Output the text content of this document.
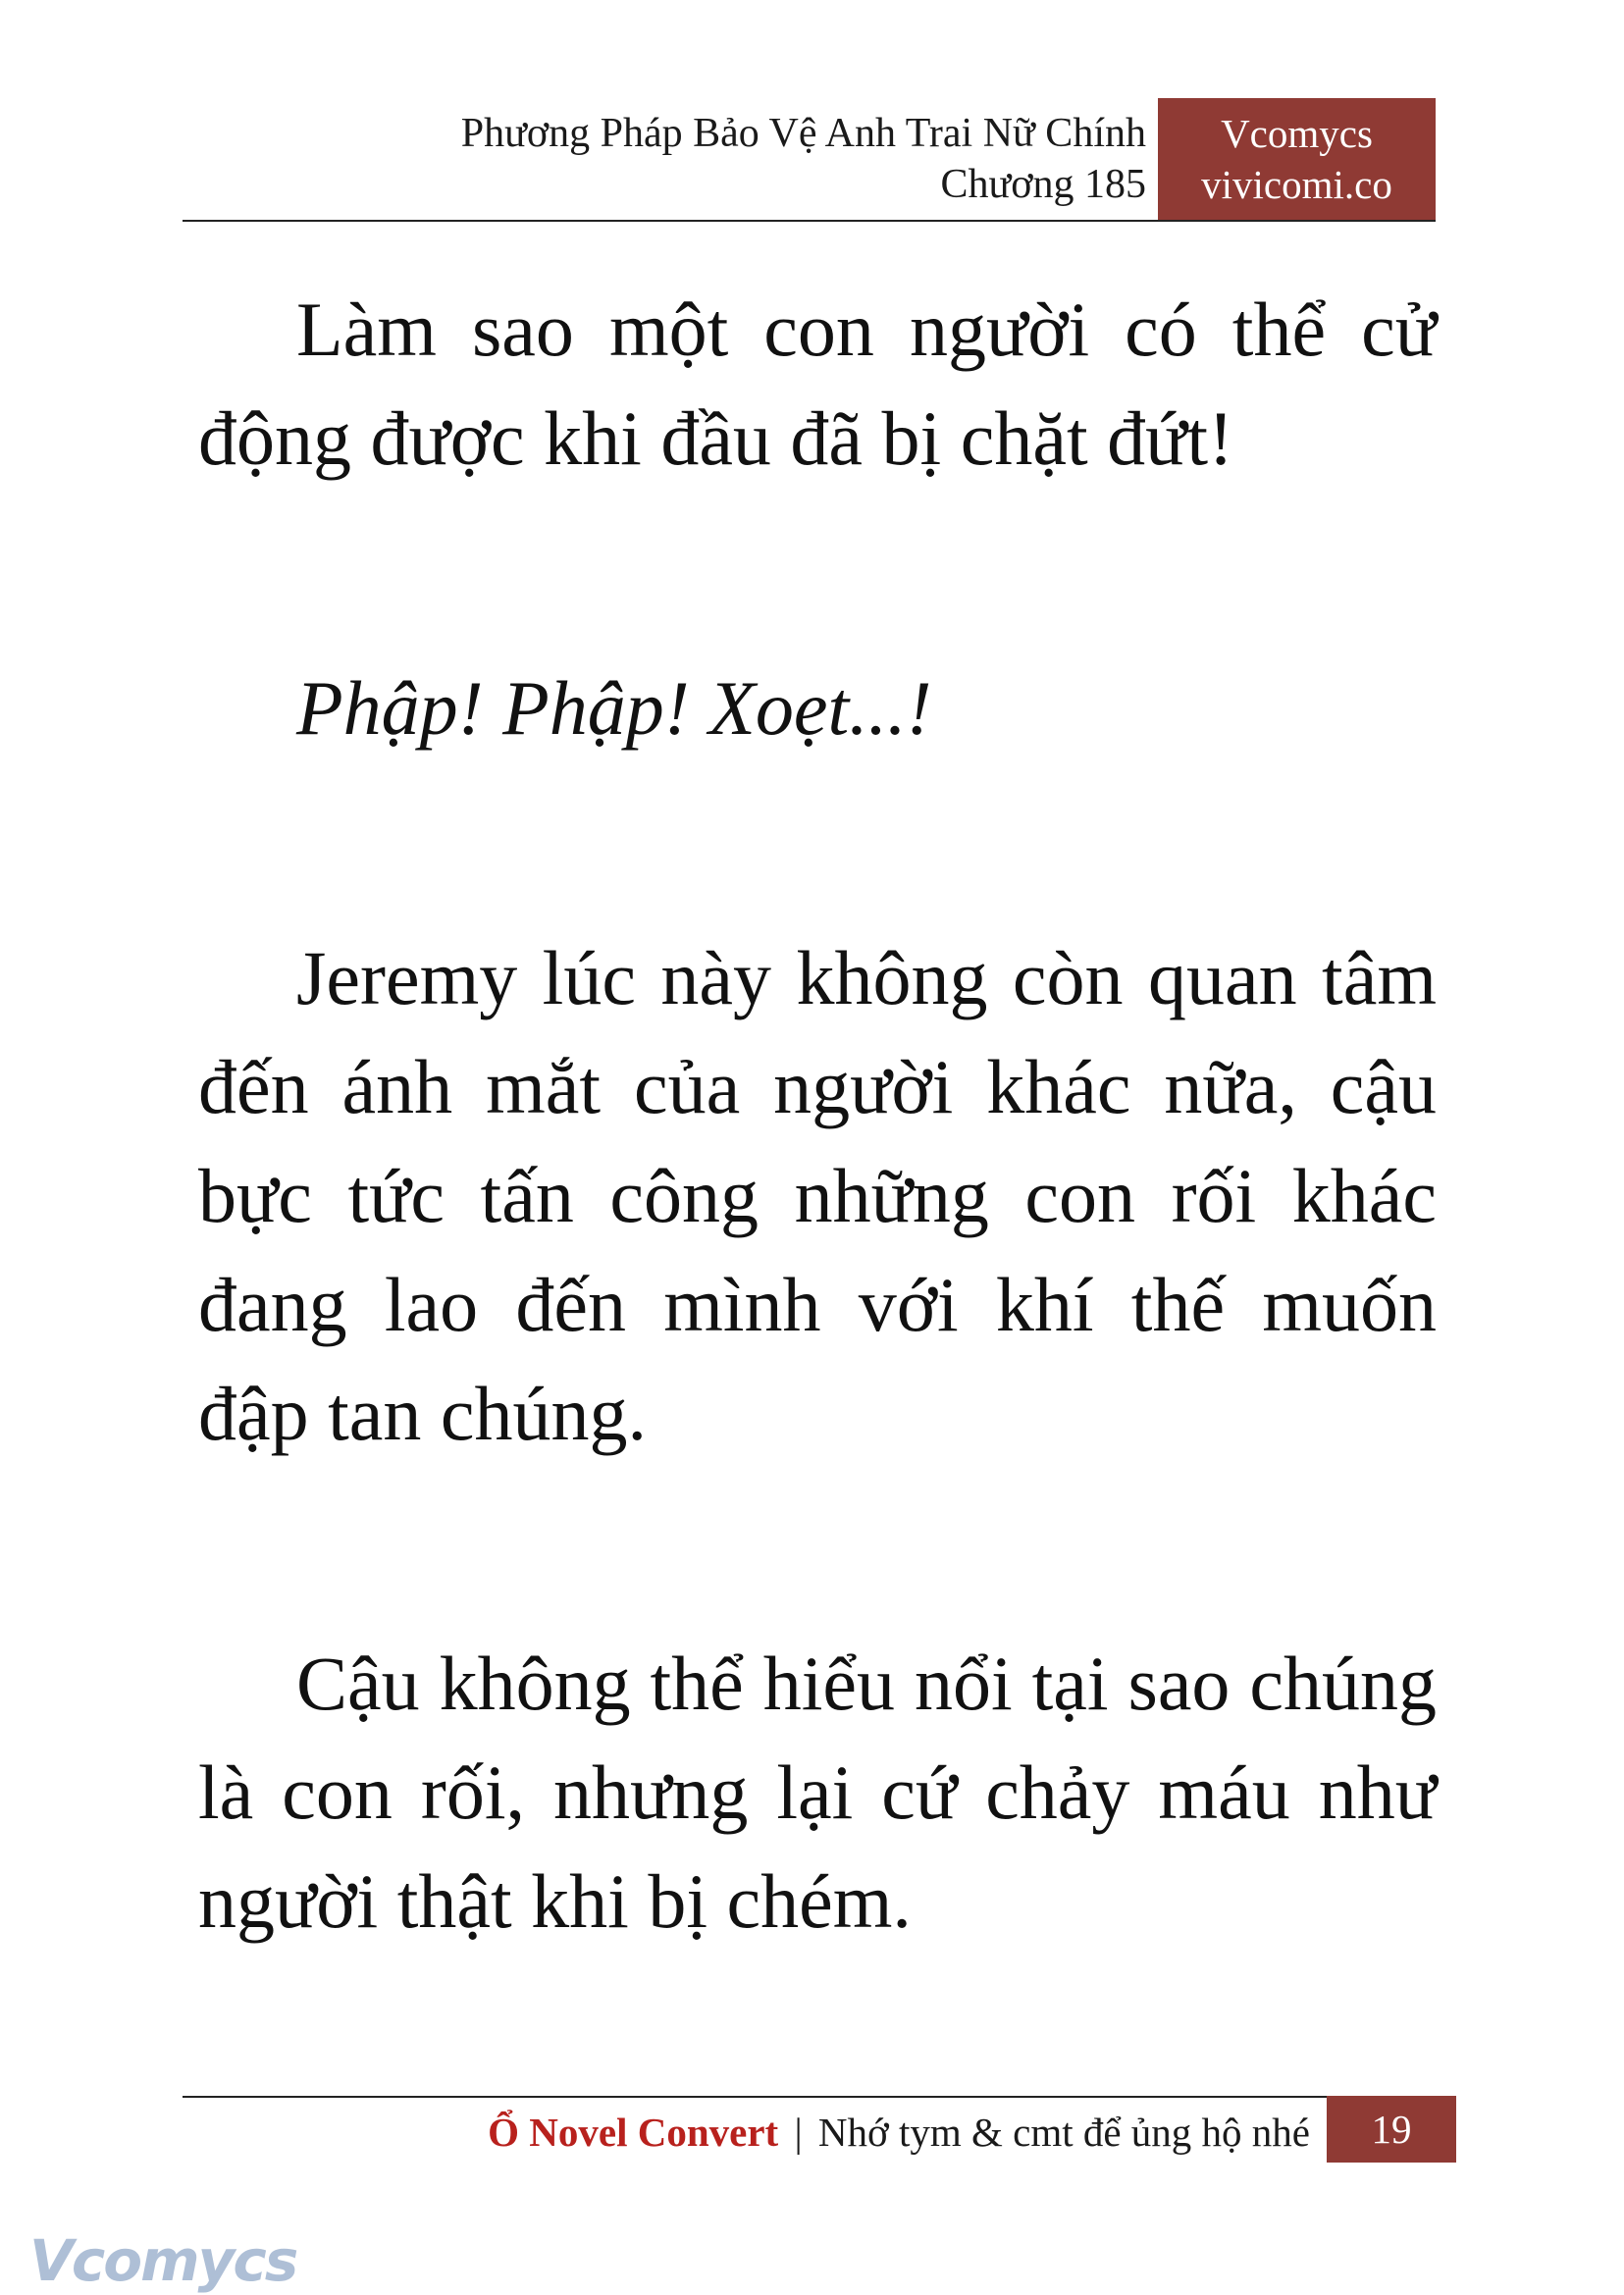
Phương Pháp Bảo Vệ Anh Trai Nữ Chính
Chương 185
Vcomycs
vivicomi.co

Làm sao một con người có thể cử động được khi đầu đã bị chặt đứt!

Phập! Phập! Xoẹt...!

Jeremy lúc này không còn quan tâm đến ánh mắt của người khác nữa, cậu bực tức tấn công những con rối khác đang lao đến mình với khí thế muốn đập tan chúng.

Cậu không thể hiểu nổi tại sao chúng là con rối, nhưng lại cứ chảy máu như người thật khi bị chém.

Ổ Novel Convert | Nhớ tym & cmt để ủng hộ nhé	19
Vcomycs
